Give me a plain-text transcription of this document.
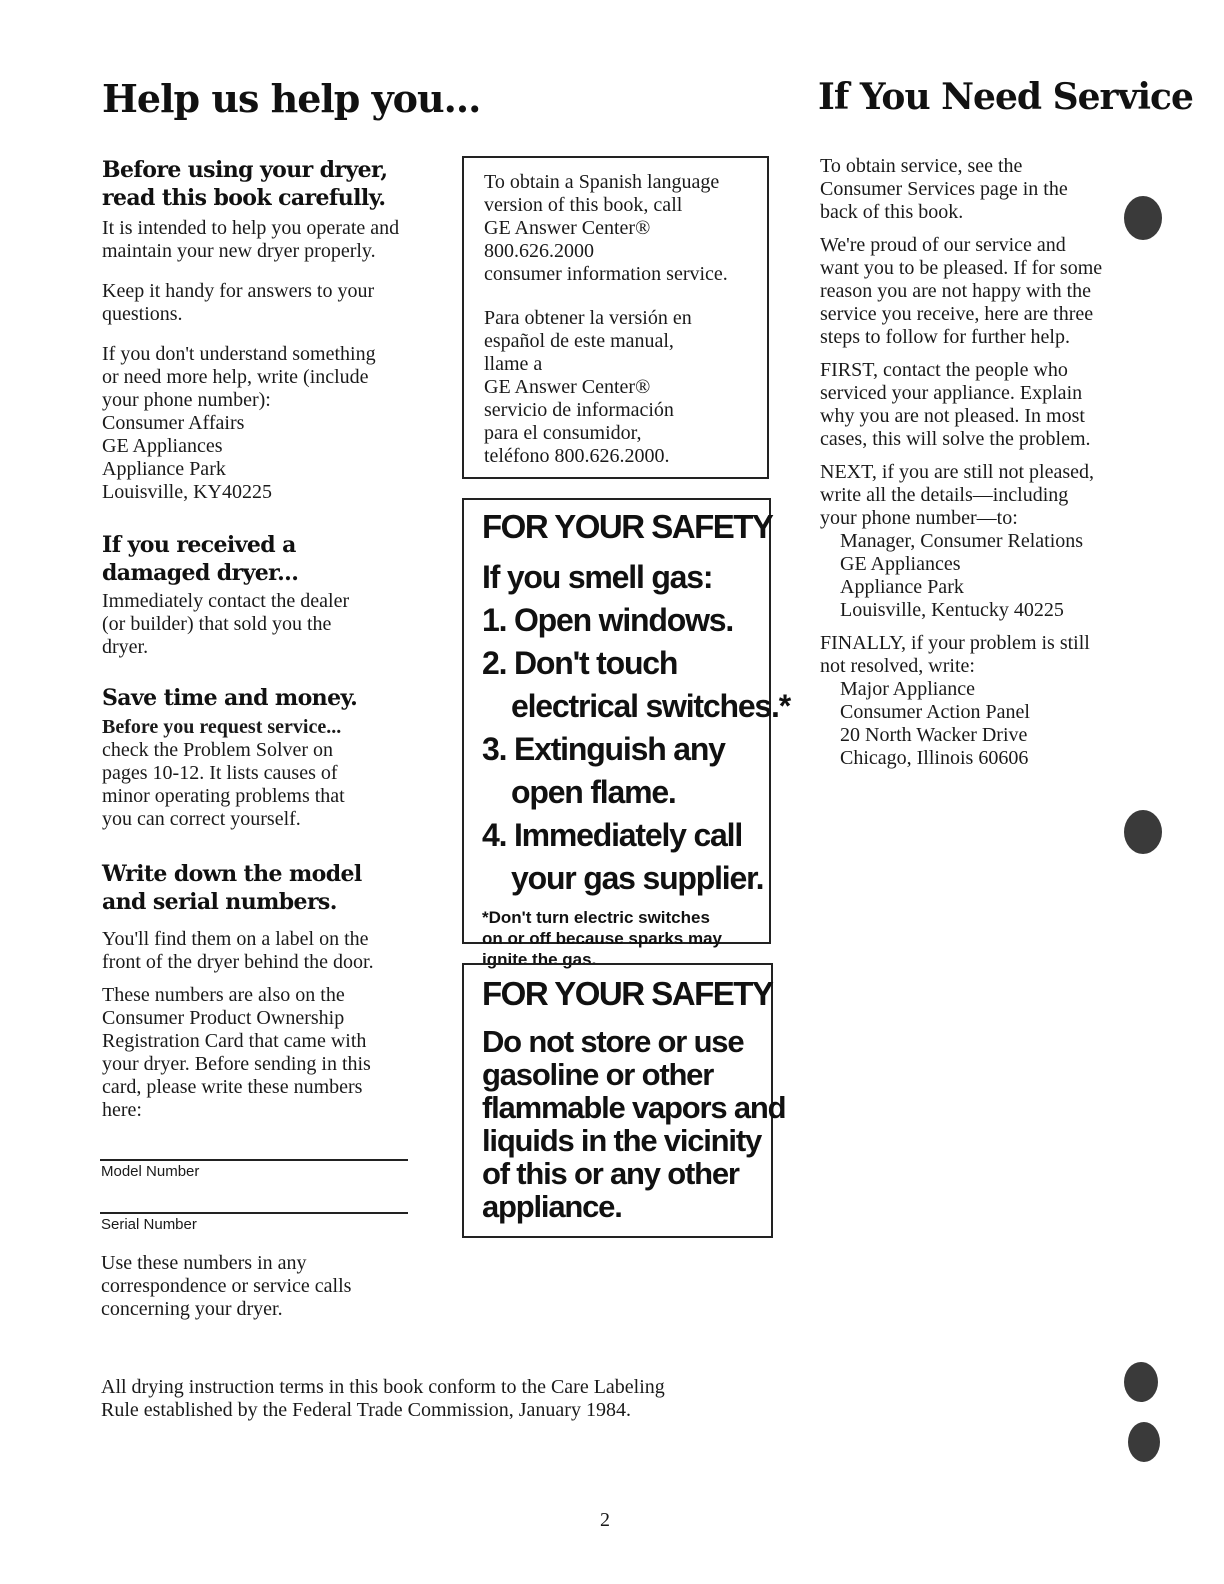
Help us help you...
Before using your dryer,
read this book carefully.
It is intended to help you operate and
maintain your new dryer properly.
Keep it handy for answers to your
questions.
If you don't understand something
or need more help, write (include
your phone number):
Consumer Affairs
GE Appliances
Appliance Park
Louisville, KY40225
If you received a
damaged dryer...
Immediately contact the dealer
(or builder) that sold you the
dryer.
Save time and money.
Before you request service...
check the Problem Solver on
pages 10-12. It lists causes of
minor operating problems that
you can correct yourself.
Write down the model
and serial numbers.
You'll find them on a label on the
front of the dryer behind the door.
These numbers are also on the
Consumer Product Ownership
Registration Card that came with
your dryer. Before sending in this
card, please write these numbers
here:
Model Number
Serial Number
Use these numbers in any
correspondence or service calls
concerning your dryer.
To obtain a Spanish language
version of this book, call
GE Answer Center®
800.626.2000
consumer information service.
Para obtener la versión en
español de este manual,
llame a
GE Answer Center®
servicio de información
para el consumidor,
teléfono 800.626.2000.
FOR YOUR SAFETY
If you smell gas:
1. Open windows.
2. Don't touch
electrical switches.*
3. Extinguish any
open flame.
4. Immediately call
your gas supplier.
*Don't turn electric switches
on or off because sparks may
ignite the gas.
FOR YOUR SAFETY
Do not store or use
gasoline or other
flammable vapors and
liquids in the vicinity
of this or any other
appliance.
If You Need Service
To obtain service, see the
Consumer Services page in the
back of this book.
We're proud of our service and
want you to be pleased. If for some
reason you are not happy with the
service you receive, here are three
steps to follow for further help.
FIRST, contact the people who
serviced your appliance. Explain
why you are not pleased. In most
cases, this will solve the problem.
NEXT, if you are still not pleased,
write all the details—including
your phone number—to:
Manager, Consumer Relations
GE Appliances
Appliance Park
Louisville, Kentucky 40225
FINALLY, if your problem is still
not resolved, write:
Major Appliance
Consumer Action Panel
20 North Wacker Drive
Chicago, Illinois 60606
All drying instruction terms in this book conform to the Care Labeling
Rule established by the Federal Trade Commission, January 1984.
2
